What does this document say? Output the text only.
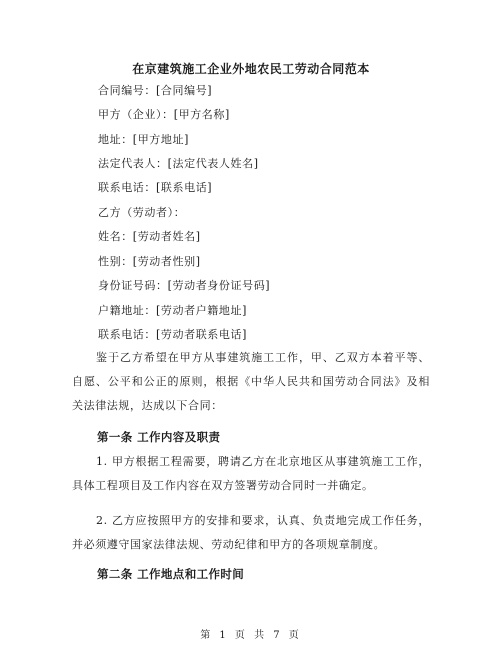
在京建筑施工企业外地农民工劳动合同范本
合同编号：[合同编号]
甲方（企业）：[甲方名称]
地址：[甲方地址]
法定代表人：[法定代表人姓名]
联系电话：[联系电话]
乙方（劳动者）：
姓名：[劳动者姓名]
性别：[劳动者性别]
身份证号码：[劳动者身份证号码]
户籍地址：[劳动者户籍地址]
联系电话：[劳动者联系电话]
鉴于乙方希望在甲方从事建筑施工工作，甲、乙双方本着平等、自愿、公平和公正的原则，根据《中华人民共和国劳动合同法》及相关法律法规，达成以下合同：
第一条 工作内容及职责
1. 甲方根据工程需要，聘请乙方在北京地区从事建筑施工工作，具体工程项目及工作内容在双方签署劳动合同时一并确定。
2. 乙方应按照甲方的安排和要求，认真、负责地完成工作任务，并必须遵守国家法律法规、劳动纪律和甲方的各项规章制度。
第二条 工作地点和工作时间
第 1 页 共 7 页
